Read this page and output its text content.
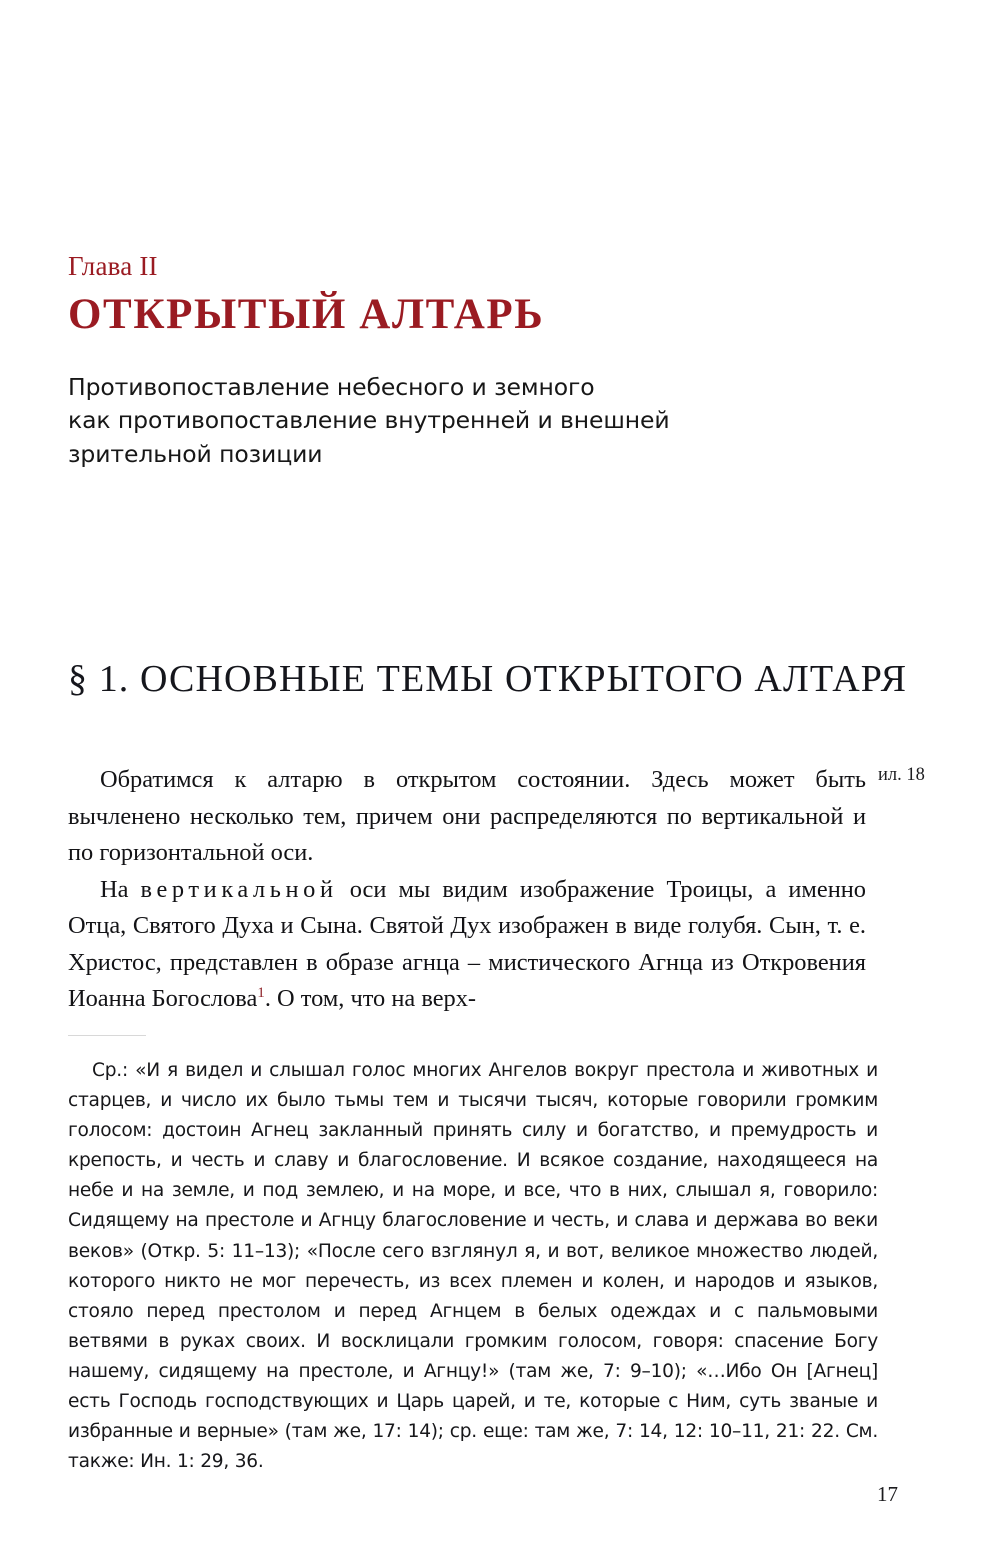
Глава II
ОТКРЫТЫЙ АЛТАРЬ
Противопоставление небесного и земного
как противопоставление внутренней и внешней
зрительной позиции
§ 1. ОСНОВНЫЕ ТЕМЫ ОТКРЫТОГО АЛТАРЯ

Обратимся к алтарю в открытом состоянии. Здесь может быть вычленено несколько тем, причем они распределяются по вертикальной и по горизонтальной оси.

На вертикальной оси мы видим изображение Троицы, а именно Отца, Святого Духа и Сына. Святой Дух изображен в виде голубя. Сын, т. е. Христос, представлен в образе агнца – мистического Агнца из Откровения Иоанна Богослова$^1$. О том, что на верх-

ил. 18

Ср.: «И я видел и слышал голос многих Ангелов вокруг престола и животных и старцев, и число их было тьмы тем и тысячи тысяч, которые говорили громким голосом: достоин Агнец закланный принять силу и богатство, и премудрость и крепость, и честь и славу и благословение. И всякое создание, находящееся на небе и на земле, и под землею, и на море, и все, что в них, слышал я, говорило: Сидящему на престоле и Агнцу благословение и честь, и слава и держава во веки веков» (Откр. 5: 11–13); «После сего взглянул я, и вот, великое множество людей, которого никто не мог перечесть, из всех племен и колен, и народов и языков, стояло перед престолом и перед Агнцем в белых одеждах и с пальмовыми ветвями в руках своих. И восклицали громким голосом, говоря: спасение Богу нашему, сидящему на престоле, и Агнцу!» (там же, 7: 9–10); «…Ибо Он [Агнец] есть Господь господствующих и Царь царей, и те, которые с Ним, суть званые и избранные и верные» (там же, 17: 14); ср. еще: там же, 7: 14, 12: 10–11, 21: 22. См. также: Ин. 1: 29, 36.

17
